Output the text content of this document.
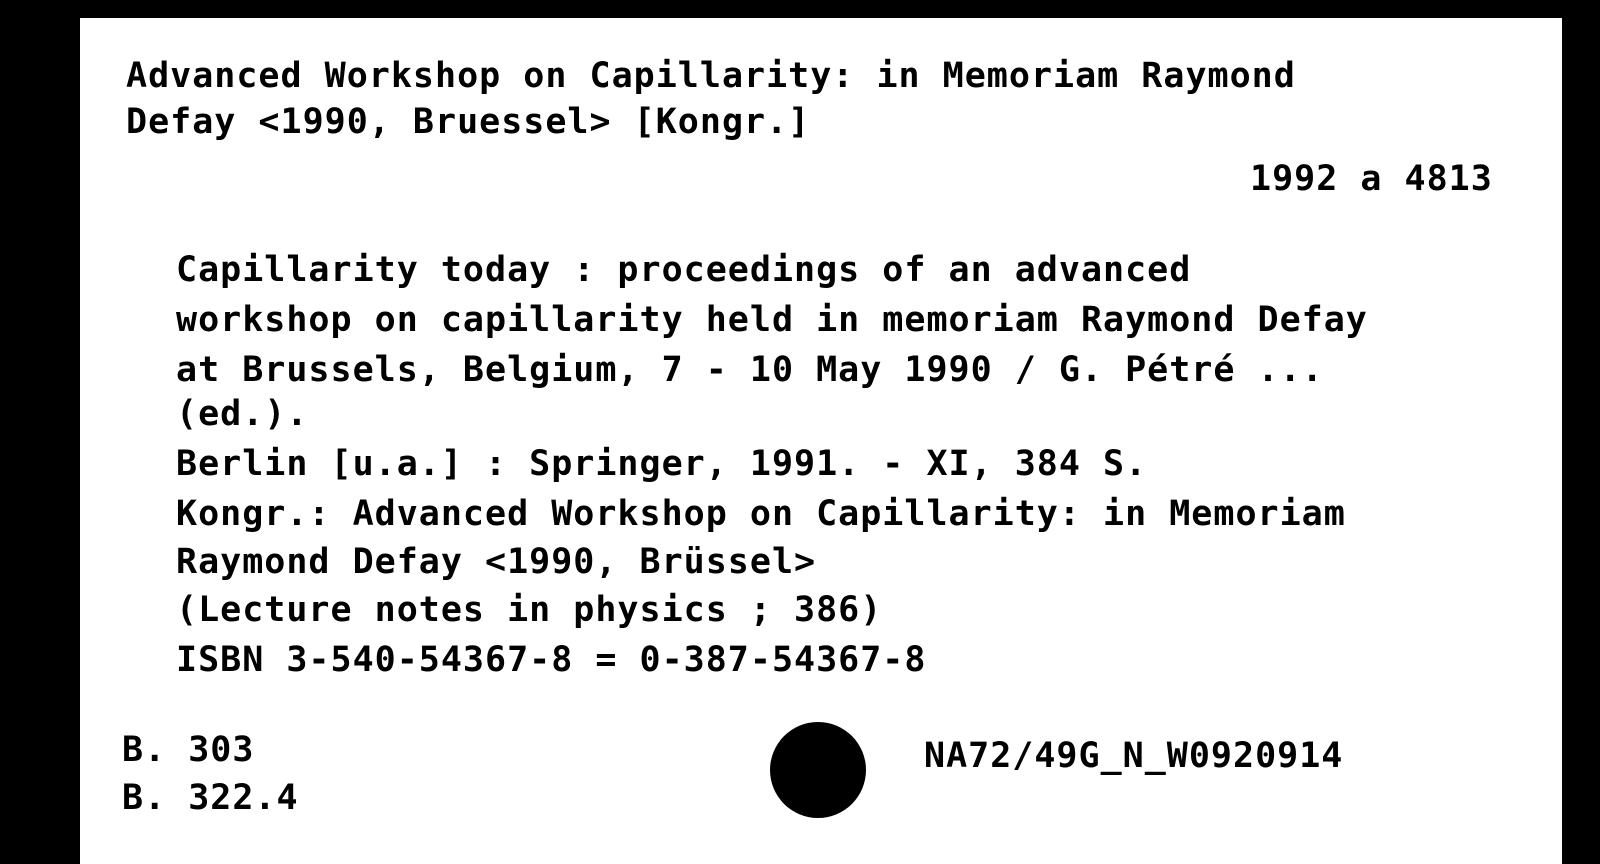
Advanced Workshop on Capillarity: in Memoriam Raymond
Defay <1990, Bruessel> [Kongr.]
1992 a 4813
Capillarity today : proceedings of an advanced
workshop on capillarity held in memoriam Raymond Defay
at Brussels, Belgium, 7 - 10 May 1990 / G. Pétré ...
(ed.).
Berlin [u.a.] : Springer, 1991. - XI, 384 S.
Kongr.: Advanced Workshop on Capillarity: in Memoriam
Raymond Defay <1990, Brüssel>
(Lecture notes in physics ; 386)
ISBN 3-540-54367-8 = 0-387-54367-8
B. 303
B. 322.4
NA72/49G_N_W0920914
